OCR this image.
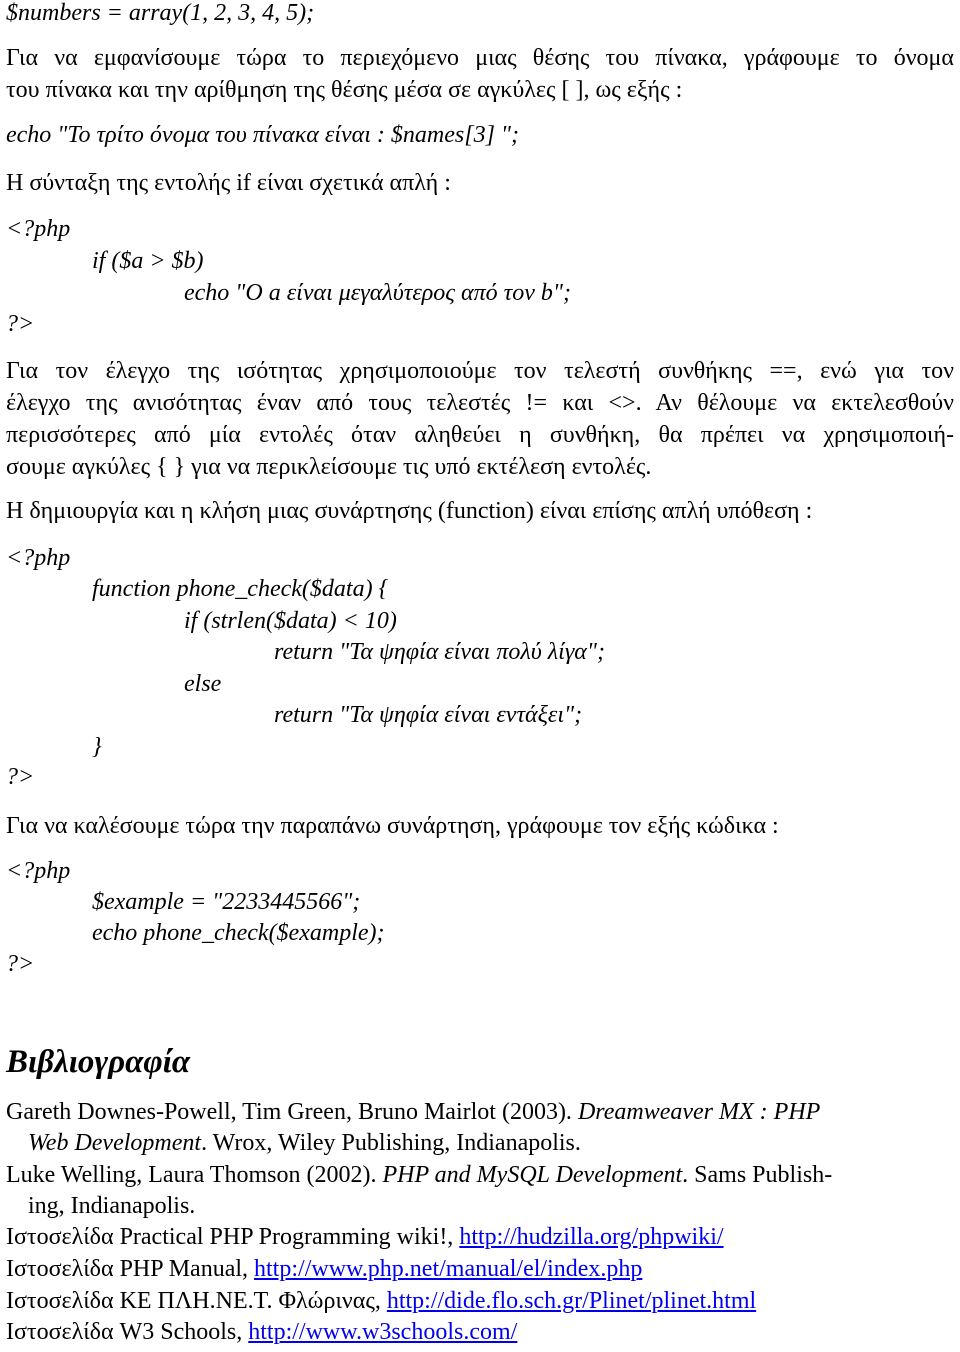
$numbers = array(1, 2, 3, 4, 5);
Για να εμφανίσουμε τώρα το περιεχόμενο μιας θέσης του πίνακα, γράφουμε το όνομα
του πίνακα και την αρίθμηση της θέσης μέσα σε αγκύλες [ ], ως εξής :
echo "Το τρίτο όνομα του πίνακα είναι : $names[3] ";
Η σύνταξη της εντολής if είναι σχετικά απλή :
<?php
if ($a > $b)
echo "Ο a είναι μεγαλύτερος από τον b";
?>
Για τον έλεγχο της ισότητας χρησιμοποιούμε τον τελεστή συνθήκης ==, ενώ για τον
έλεγχο της ανισότητας έναν από τους τελεστές != και <>. Αν θέλουμε να εκτελεσθούν
περισσότερες από μία εντολές όταν αληθεύει η συνθήκη, θα πρέπει να χρησιμοποιή-
σουμε αγκύλες { } για να περικλείσουμε τις υπό εκτέλεση εντολές.
Η δημιουργία και η κλήση μιας συνάρτησης (function) είναι επίσης απλή υπόθεση :
<?php
function phone_check($data) {
if (strlen($data) < 10)
return "Τα ψηφία είναι πολύ λίγα";
else
return "Τα ψηφία είναι εντάξει";
}
?>
Για να καλέσουμε τώρα την παραπάνω συνάρτηση, γράφουμε τον εξής κώδικα :
<?php
$example = "2233445566";
echo phone_check($example);
?>
Βιβλιογραφία
Gareth Downes-Powell, Tim Green, Bruno Mairlot (2003). Dreamweaver MX : PHP
Web Development. Wrox, Wiley Publishing, Indianapolis.
Luke Welling, Laura Thomson (2002). PHP and MySQL Development. Sams Publish-
ing, Indianapolis.
Ιστοσελίδα Practical PHP Programming wiki!, http://hudzilla.org/phpwiki/
Ιστοσελίδα PHP Manual, http://www.php.net/manual/el/index.php
Ιστοσελίδα ΚΕ ΠΛΗ.ΝΕ.Τ. Φλώρινας, http://dide.flo.sch.gr/Plinet/plinet.html
Ιστοσελίδα W3 Schools, http://www.w3schools.com/
